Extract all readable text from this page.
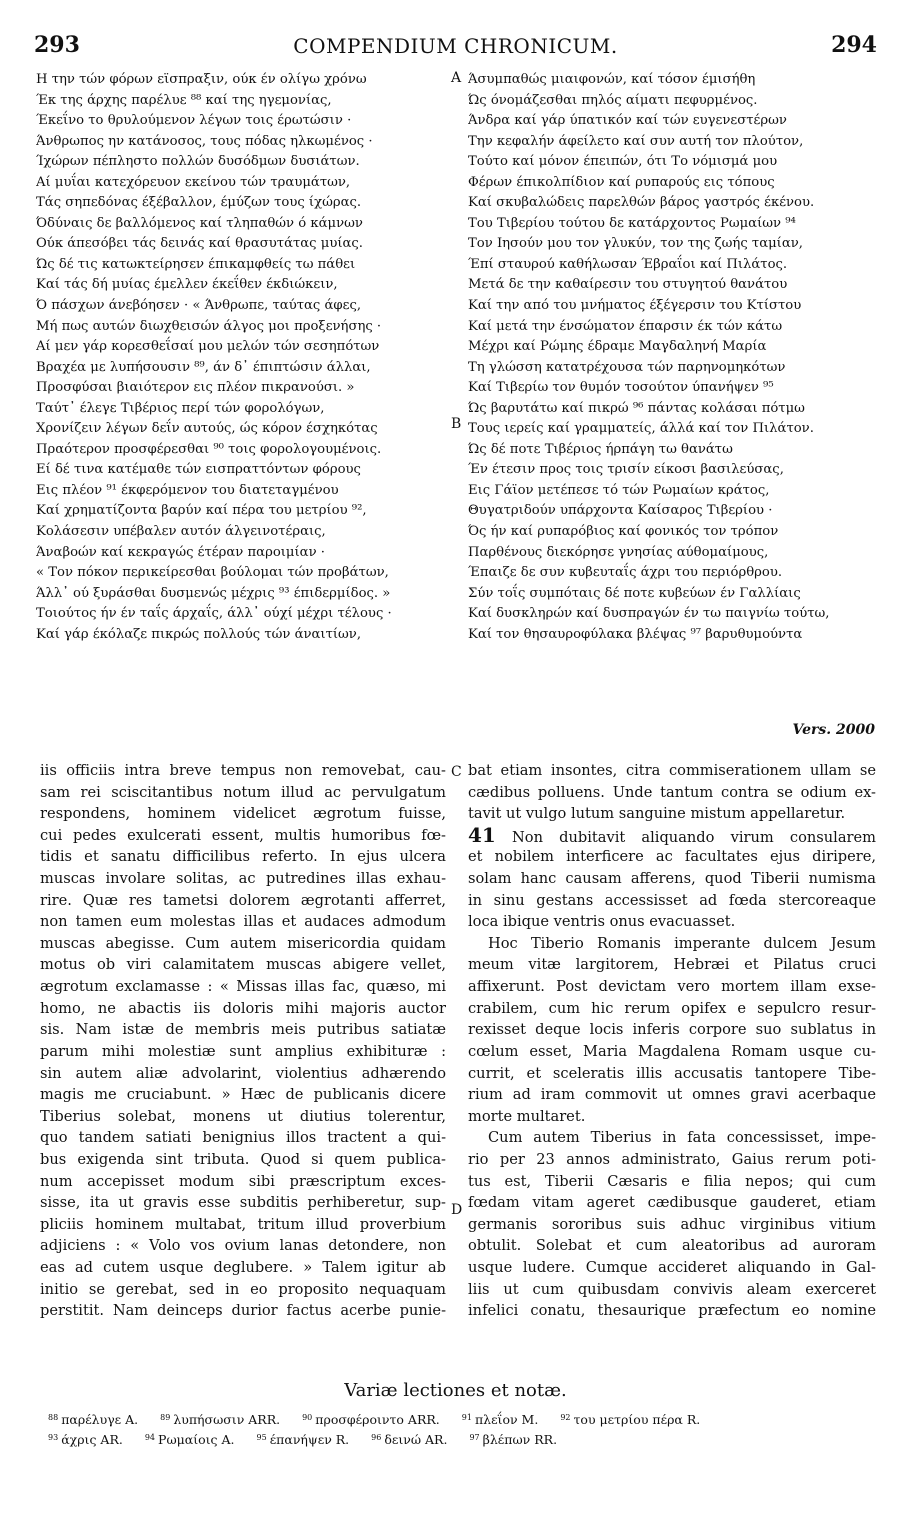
293	COMPENDIUM CHRONICUM.	294
Η την τών φόρων εϊσπραξιν, ούκ έν ολίγω χρόνω
Έκ της άρχης παρέλυε ⁸⁸ καί της ηγεμονίας,
Έκεΐνο το θρυλούμενον λέγων τοις έρωτώσιν ·
Άνθρωπος ην κατάνοσος, τους πόδας ηλκωμένος ·
Ίχώρων πέπληστο πολλών δυσόδμων δυσιάτων.
Αί μυΐαι κατεχόρευον εκείνου τών τραυμάτων,
Τάς σηπεδόνας έξέβαλλον, έμύζων τους ίχώρας.
Όδύναις δε βαλλόμενος καί τληπαθών ό κάμνων
Ούκ άπεσόβει τάς δεινάς καί θρασυτάτας μυίας.
Ώς δέ τις κατωκτείρησεν έπικαμφθείς τω πάθει
Καί τάς δή μυίας έμελλεν έκεΐθεν έκδιώκειν,
Ό πάσχων άνεβόησεν · « Άνθρωπε, ταύτας άφες,
Μή πως αυτών διωχθεισών άλγος μοι προξενήσης ·
Αί μεν γάρ κορεσθεΐσαί μου μελών τών σεσηπότων
Βραχέα με λυπήσουσιν ⁸⁹, άν δ᾽ έπιπτώσιν άλλαι,
Προσφύσαι βιαιότερον εις πλέον πικρανούσι. »
Ταύτ᾽ έλεγε Τιβέριος περί τών φορολόγων,
Χρονίζειν λέγων δεΐν αυτούς, ώς κόρον έσχηκότας
Πραότερον προσφέρεσθαι ⁹⁰ τοις φορολογουμένοις.
Εί δέ τινα κατέμαθε τών εισπραττόντων φόρους
Εις πλέον ⁹¹ έκφερόμενον του διατεταγμένου
Καί χρηματίζοντα βαρύν καί πέρα του μετρίου ⁹²,
Κολάσεσιν υπέβαλεν αυτόν άλγεινοτέραις,
Άναβοών καί κεκραγώς έτέραν παροιμίαν ·
« Τον πόκον περικείρεσθαι βούλομαι τών προβάτων,
Άλλ᾽ ού ξυράσθαι δυσμενώς μέχρις ⁹³ έπιδερμίδος. »
Τοιούτος ήν έν ταΐς άρχαΐς, άλλ᾽ ούχί μέχρι τέλους ·
Καί γάρ έκόλαζε πικρώς πολλούς τών άναιτίων,
Άσυμπαθώς μιαιφονών, καί τόσον έμισήθη
Ώς όνομάζεσθαι πηλός αίματι πεφυρμένος.
Άνδρα καί γάρ ύπατικόν καί τών ευγενεστέρων
Την κεφαλήν άφείλετο καί συν αυτή τον πλούτον,
Τούτο καί μόνον έπειπών, ότι Το νόμισμά μου
Φέρων έπικολπίδιον καί ρυπαρούς εις τόπους
Καί σκυβαλώδεις παρελθών βάρος γαστρός έκένου.
Του Τιβερίου τούτου δε κατάρχοντος Ρωμαίων ⁹⁴
Τον Ιησούν μου τον γλυκύν, τον της ζωής ταμίαν,
Έπί σταυρού καθήλωσαν Έβραΐοι καί Πιλάτος.
Μετά δε την καθαίρεσιν του στυγητού θανάτου
Καί την από του μνήματος έξέγερσιν του Κτίστου
Καί μετά την ένσώματον έπαρσιν έκ τών κάτω
Μέχρι καί Ρώμης έδραμε Μαγδαληνή Μαρία
Τη γλώσση κατατρέχουσα τών παρηνομηκότων
Καί Τιβερίω τον θυμόν τοσούτον ύπανήψεν ⁹⁵
Ώς βαρυτάτω καί πικρώ ⁹⁶ πάντας κολάσαι πότμω
Τους ιερείς καί γραμματείς, άλλά καί τον Πιλάτον.
Ώς δέ ποτε Τιβέριος ήρπάγη τω θανάτω
Έν έτεσιν προς τοις τρισίν είκοσι βασιλεύσας,
Εις Γάϊον μετέπεσε τό τών Ρωμαίων κράτος,
Θυγατριδούν υπάρχοντα Καίσαρος Τιβερίου ·
Ός ήν καί ρυπαρόβιος καί φονικός τον τρόπον
Παρθένους διεκόρησε γνησίας αύθομαίμους,
Έπαιζε δε συν κυβευταΐς άχρι του περιόρθρου.
Σύν τοΐς συμπόταις δέ ποτε κυβεύων έν Γαλλίαις
Καί δυσκληρών καί δυσπραγών έν τω παιγνίω τούτω,
Καί τον θησαυροφύλακα βλέψας ⁹⁷ βαρυθυμούντα
Vers. 2000
A
B
C
D
iis officiis intra breve tempus non removebat, cau-
sam rei sciscitantibus notum illud ac pervulgatum
respondens, hominem videlicet ægrotum fuisse,
cui pedes exulcerati essent, multis humoribus fœ-
tidis et sanatu difficilibus referto. In ejus ulcera
muscas involare solitas, ac putredines illas exhau-
rire. Quæ res tametsi dolorem ægrotanti afferret,
non tamen eum molestas illas et audaces admodum
muscas abegisse. Cum autem misericordia quidam
motus ob viri calamitatem muscas abigere vellet,
ægrotum exclamasse : « Missas illas fac, quæso, mi
homo, ne abactis iis doloris mihi majoris auctor
sis. Nam istæ de membris meis putribus satiatæ
parum mihi molestiæ sunt amplius exhibituræ :
sin autem aliæ advolarint, violentius adhærendo
magis me cruciabunt. » Hæc de publicanis dicere
Tiberius solebat, monens ut diutius tolerentur,
quo tandem satiati benignius illos tractent a qui-
bus exigenda sint tributa. Quod si quem publica-
num accepisset modum sibi præscriptum exces-
sisse, ita ut gravis esse subditis perhiberetur, sup-
pliciis hominem multabat, tritum illud proverbium
adjiciens : « Volo vos ovium lanas detondere, non
eas ad cutem usque deglubere. » Talem igitur ab
initio se gerebat, sed in eo proposito nequaquam
perstitit. Nam deinceps durior factus acerbe punie-
bat etiam insontes, citra commiserationem ullam se
cædibus polluens. Unde tantum contra se odium ex-
tavit ut vulgo lutum sanguine mistum appellaretur.
41 Non dubitavit aliquando virum consularem
et nobilem interficere ac facultates ejus diripere,
solam hanc causam afferens, quod Tiberii numisma
in sinu gestans accessisset ad fœda stercoreaque
loca ibique ventris onus evacuasset.
Hoc Tiberio Romanis imperante dulcem Jesum
meum vitæ largitorem, Hebræi et Pilatus cruci
affixerunt. Post devictam vero mortem illam exse-
crabilem, cum hic rerum opifex e sepulcro resur-
rexisset deque locis inferis corpore suo sublatus in
cœlum esset, Maria Magdalena Romam usque cu-
currit, et sceleratis illis accusatis tantopere Tibe-
rium ad iram commovit ut omnes gravi acerbaque
morte multaret.
Cum autem Tiberius in fata concessisset, impe-
rio per 23 annos administrato, Gaius rerum poti-
tus est, Tiberii Cæsaris e filia nepos; qui cum
fœdam vitam ageret cædibusque gauderet, etiam
germanis sororibus suis adhuc virginibus vitium
obtulit. Solebat et cum aleatoribus ad auroram
usque ludere. Cumque accideret aliquando in Gal-
liis ut cum quibusdam convivis aleam exerceret
infelici conatu, thesaurique præfectum eo nomine
Variæ lectiones et notæ.
$^{88}$ παρέλυγε A.	$^{89}$ λυπήσωσιν ARR.	$^{90}$ προσφέροιντο ARR.	$^{91}$ πλεΐον M.	$^{92}$ του μετρίου πέρα R.
$^{93}$ άχρις AR.	$^{94}$ Ρωμαίοις A.	$^{95}$ έπανήψεν R.	$^{96}$ δεινώ AR.	$^{97}$ βλέπων RR.
